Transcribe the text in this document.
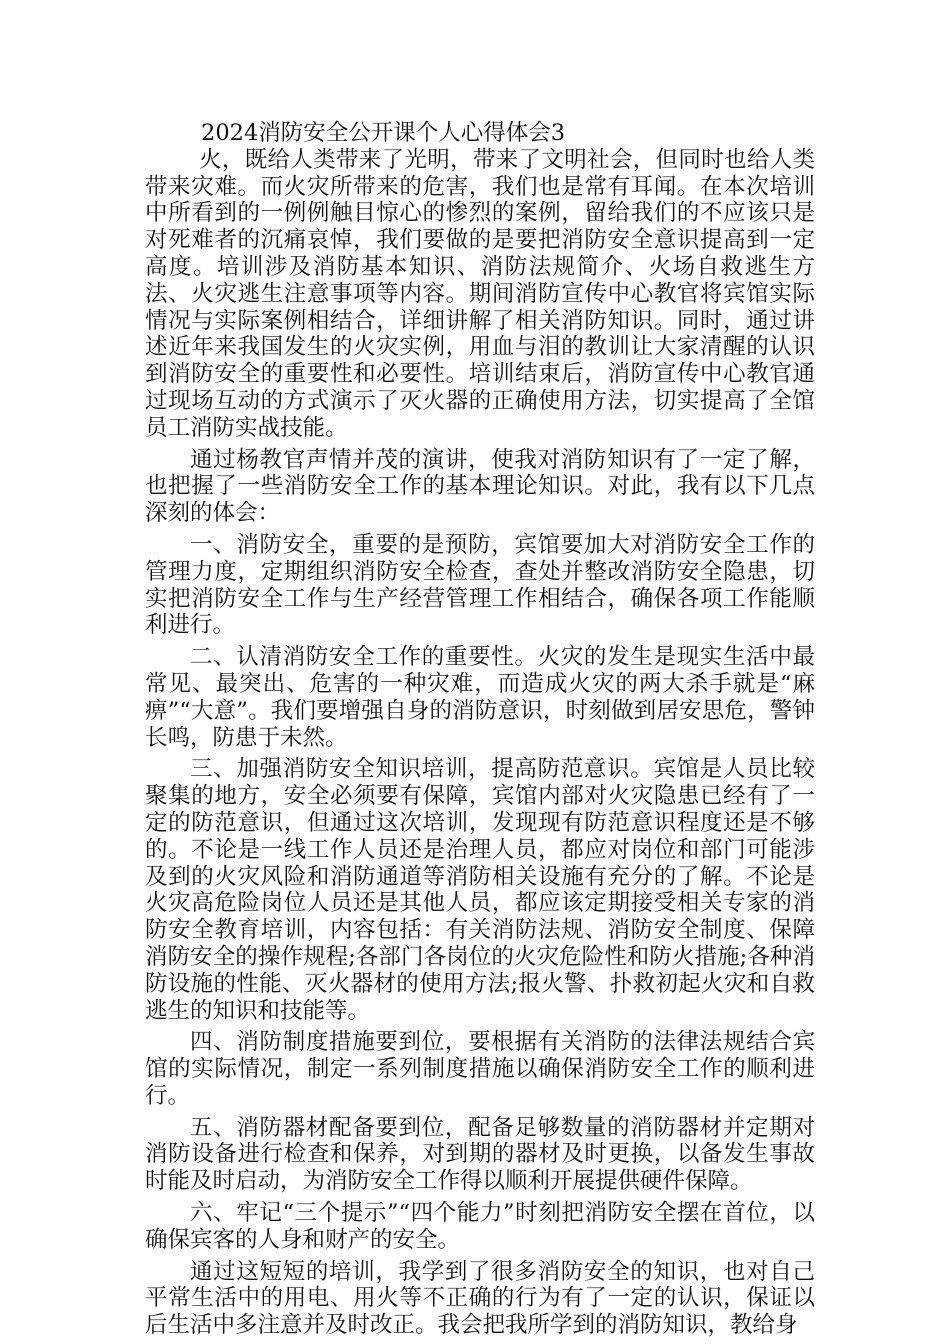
2024消防安全公开课个人心得体会3

火，既给人类带来了光明，带来了文明社会，但同时也给人类带来灾难。而火灾所带来的危害，我们也是常有耳闻。在本次培训中所看到的一例例触目惊心的惨烈的案例，留给我们的不应该只是对死难者的沉痛哀悼，我们要做的是要把消防安全意识提高到一定高度。培训涉及消防基本知识、消防法规简介、火场自救逃生方法、火灾逃生注意事项等内容。期间消防宣传中心教官将宾馆实际情况与实际案例相结合，详细讲解了相关消防知识。同时，通过讲述近年来我国发生的火灾实例，用血与泪的教训让大家清醒的认识到消防安全的重要性和必要性。培训结束后，消防宣传中心教官通过现场互动的方式演示了灭火器的正确使用方法，切实提高了全馆员工消防实战技能。

通过杨教官声情并茂的演讲，使我对消防知识有了一定了解，也把握了一些消防安全工作的基本理论知识。对此，我有以下几点深刻的体会：

一、消防安全，重要的是预防，宾馆要加大对消防安全工作的管理力度，定期组织消防安全检查，查处并整改消防安全隐患，切实把消防安全工作与生产经营管理工作相结合，确保各项工作能顺利进行。

二、认清消防安全工作的重要性。火灾的发生是现实生活中最常见、最突出、危害的一种灾难，而造成火灾的两大杀手就是“麻痹”“大意”。我们要增强自身的消防意识，时刻做到居安思危，警钟长鸣，防患于未然。

三、加强消防安全知识培训，提高防范意识。宾馆是人员比较聚集的地方，安全必须要有保障，宾馆内部对火灾隐患已经有了一定的防范意识，但通过这次培训，发现现有防范意识程度还是不够的。不论是一线工作人员还是治理人员，都应对岗位和部门可能涉及到的火灾风险和消防通道等消防相关设施有充分的了解。不论是火灾高危险岗位人员还是其他人员，都应该定期接受相关专家的消防安全教育培训，内容包括：有关消防法规、消防安全制度、保障消防安全的操作规程;各部门各岗位的火灾危险性和防火措施;各种消防设施的性能、灭火器材的使用方法;报火警、扑救初起火灾和自救逃生的知识和技能等。

四、消防制度措施要到位，要根据有关消防的法律法规结合宾馆的实际情况，制定一系列制度措施以确保消防安全工作的顺利进行。

五、消防器材配备要到位，配备足够数量的消防器材并定期对消防设备进行检查和保养，对到期的器材及时更换，以备发生事故时能及时启动，为消防安全工作得以顺利开展提供硬件保障。

六、牢记“三个提示”“四个能力”时刻把消防安全摆在首位，以确保宾客的人身和财产的安全。

通过这短短的培训，我学到了很多消防安全的知识，也对自己平常生活中的用电、用火等不正确的行为有了一定的认识，保证以后生活中多注意并及时改正。我会把我所学到的消防知识，教给身
